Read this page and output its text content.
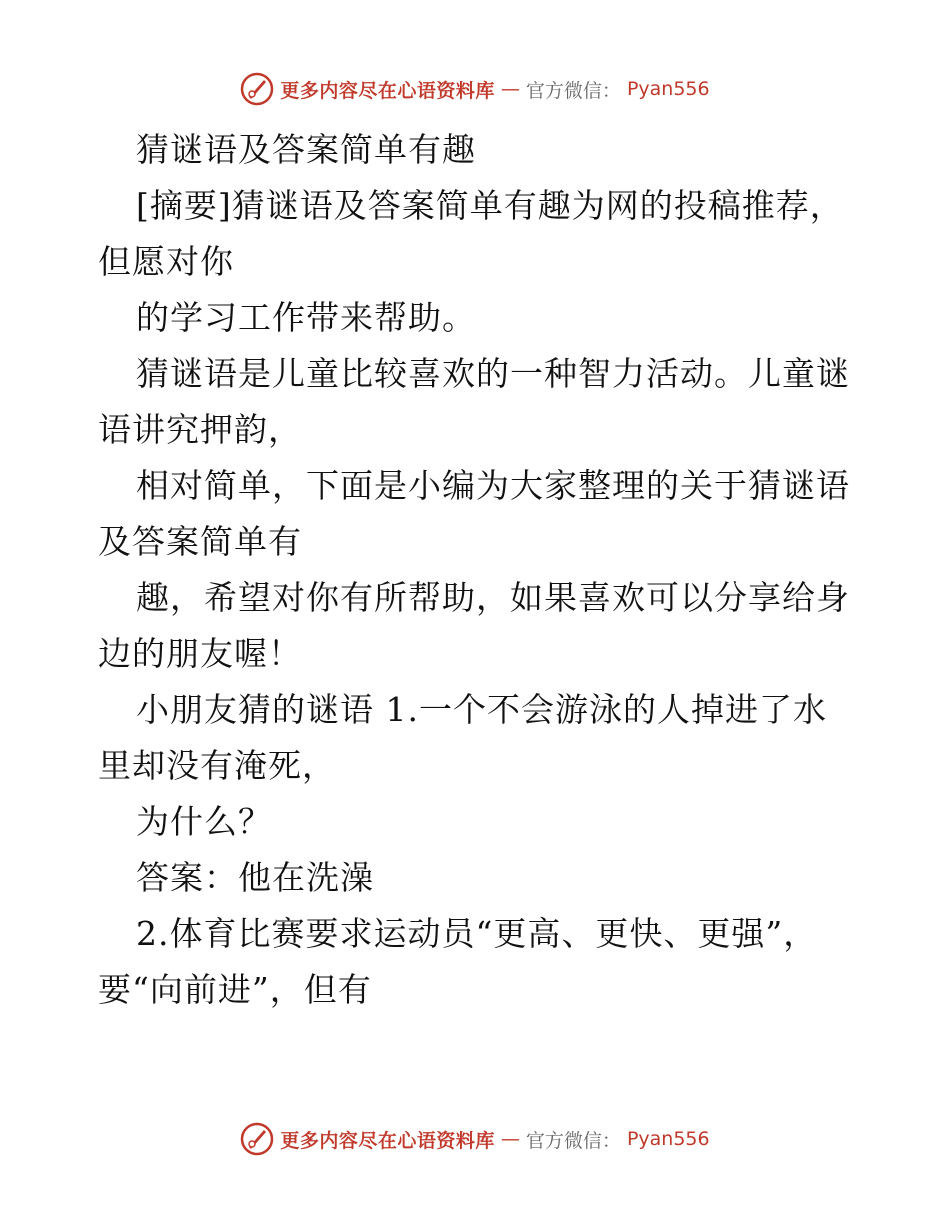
更多内容尽在心语资料库 — 官方微信： Pyan556

猜谜语及答案简单有趣

[摘要]猜谜语及答案简单有趣为网的投稿推荐，但愿对你

的学习工作带来帮助。

猜谜语是儿童比较喜欢的一种智力活动。儿童谜语讲究押韵，

相对简单，下面是小编为大家整理的关于猜谜语及答案简单有

趣，希望对你有所帮助，如果喜欢可以分享给身边的朋友喔！

小朋友猜的谜语 1.一个不会游泳的人掉进了水里却没有淹死，

为什么？

答案：他在洗澡

2.体育比赛要求运动员“更高、更快、更强”，要“向前进”，但有

更多内容尽在心语资料库 — 官方微信： Pyan556
